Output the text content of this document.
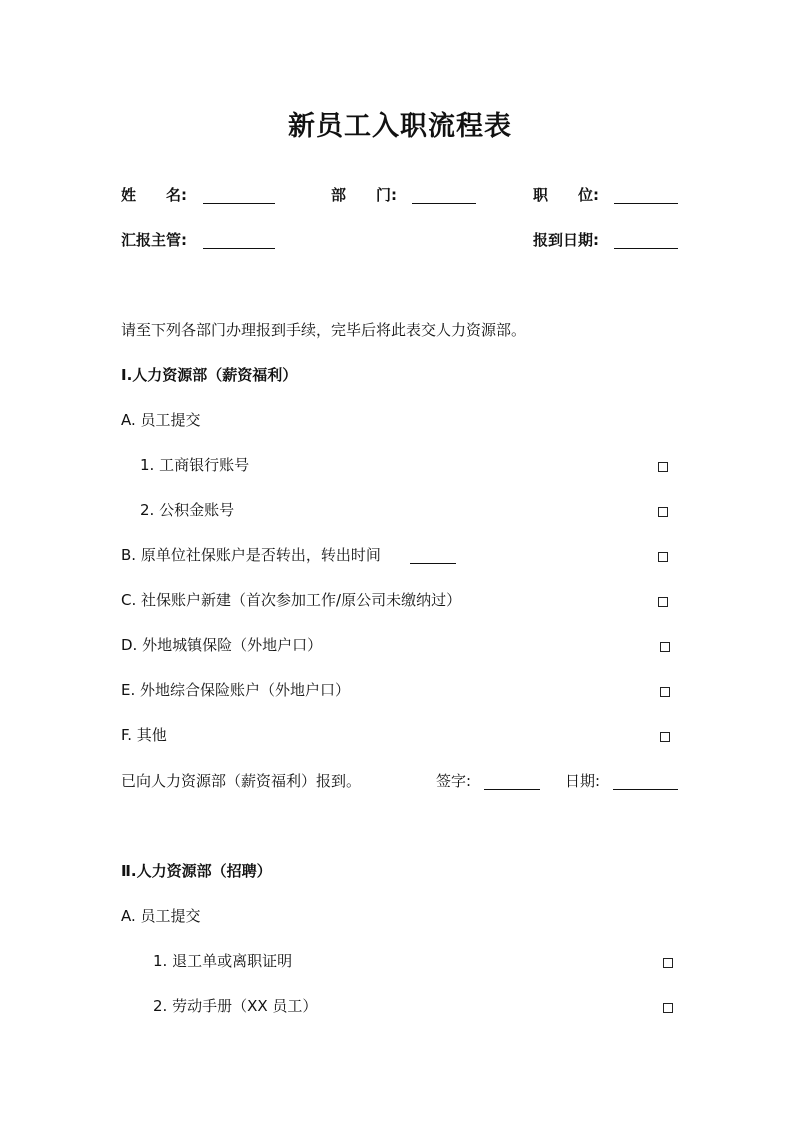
新员工入职流程表
姓　　名:	部　　门:	职　　位:
汇报主管:	报到日期:
请至下列各部门办理报到手续，完毕后将此表交人力资源部。
Ⅰ.人力资源部（薪资福利）
A. 员工提交
1. 工商银行账号
2. 公积金账号
B. 原单位社保账户是否转出，转出时间
C. 社保账户新建（首次参加工作/原公司未缴纳过）
D. 外地城镇保险（外地户口）
E. 外地综合保险账户（外地户口）
F. 其他
已向人力资源部（薪资福利）报到。	签字:	日期:
Ⅱ.人力资源部（招聘）
A. 员工提交
1. 退工单或离职证明
2. 劳动手册（XX 员工）
